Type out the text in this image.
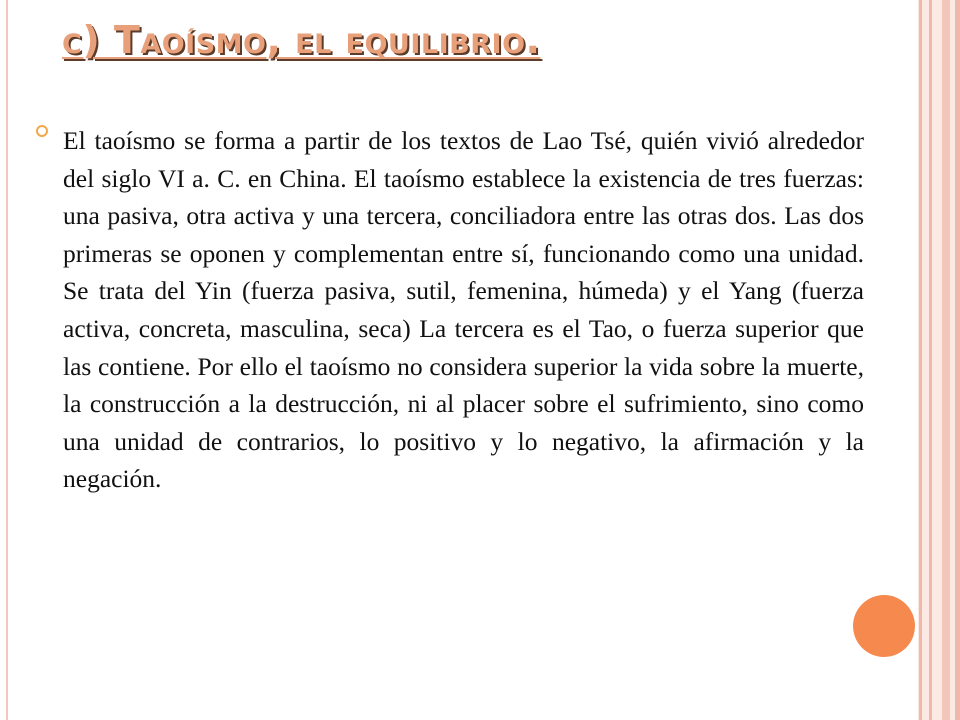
c) Taoísmo, el equilibrio.

El taoísmo se forma a partir de los textos de Lao Tsé, quién vivió alrededor del siglo VI a. C. en China. El taoísmo establece la existencia de tres fuerzas: una pasiva, otra activa y una tercera, conciliadora entre las otras dos. Las dos primeras se oponen y complementan entre sí, funcionando como una unidad. Se trata del Yin (fuerza pasiva, sutil, femenina, húmeda) y el Yang (fuerza activa, concreta, masculina, seca) La tercera es el Tao, o fuerza superior que las contiene. Por ello el taoísmo no considera superior la vida sobre la muerte, la construcción a la destrucción, ni al placer sobre el sufrimiento, sino como una unidad de contrarios, lo positivo y lo negativo, la afirmación y la negación.
